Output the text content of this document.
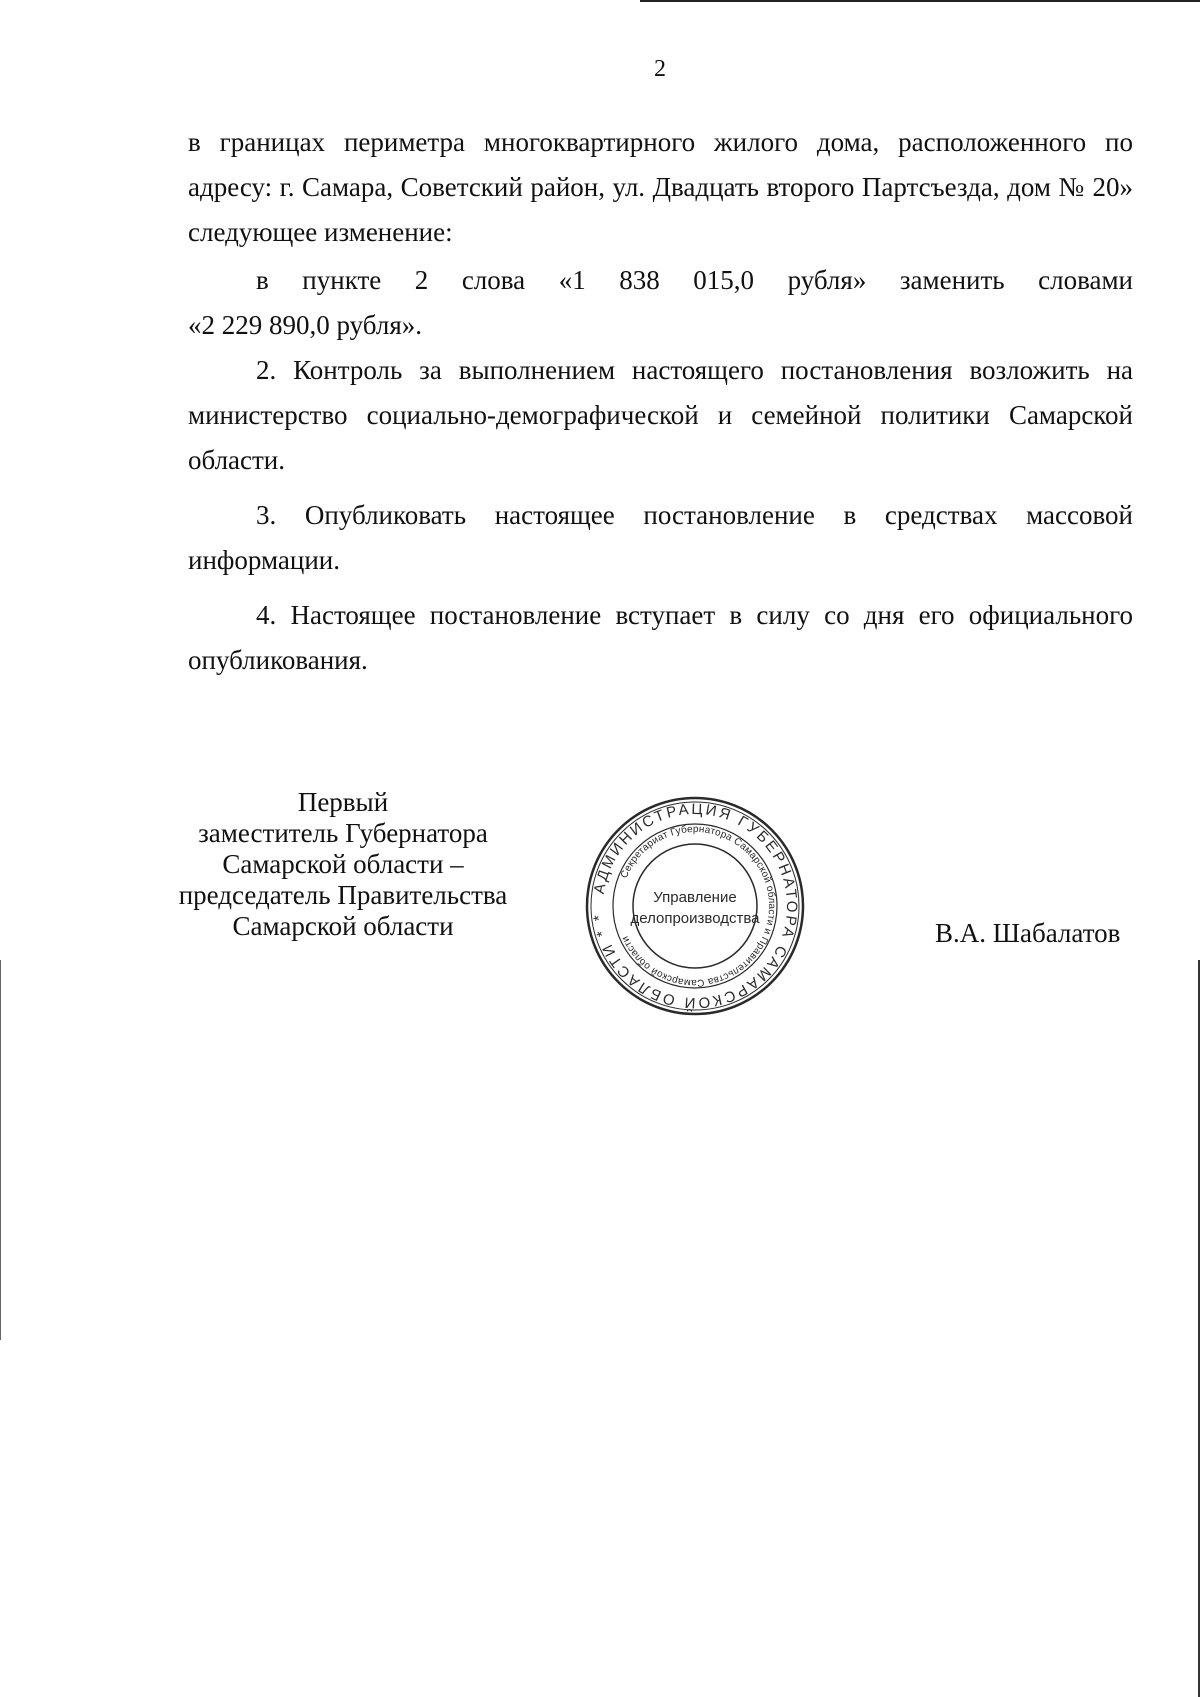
2

в границах периметра многоквартирного жилого дома, расположенного по адресу: г. Самара, Советский район, ул. Двадцать второго Партсъезда, дом № 20» следующее изменение:

в пункте 2 слова «1 838 015,0 рубля» заменить словами
«2 229 890,0 рубля».

2. Контроль за выполнением настоящего постановления возложить на министерство социально-демографической и семейной политики Самарской области.

3. Опубликовать настоящее постановление в средствах массовой информации.

4. Настоящее постановление вступает в силу со дня его официального опубликования.

Первый
заместитель Губернатора
Самарской области –
председатель Правительства
Самарской области
АДМИНИСТРАЦИЯ ГУБЕРНАТОРА САМАРСКОЙ ОБЛАСТИ * *
Секретариат Губернатора Самарской области и Правительства Самарской области
Управление
делопроизводства	В.А. Шабалатов
